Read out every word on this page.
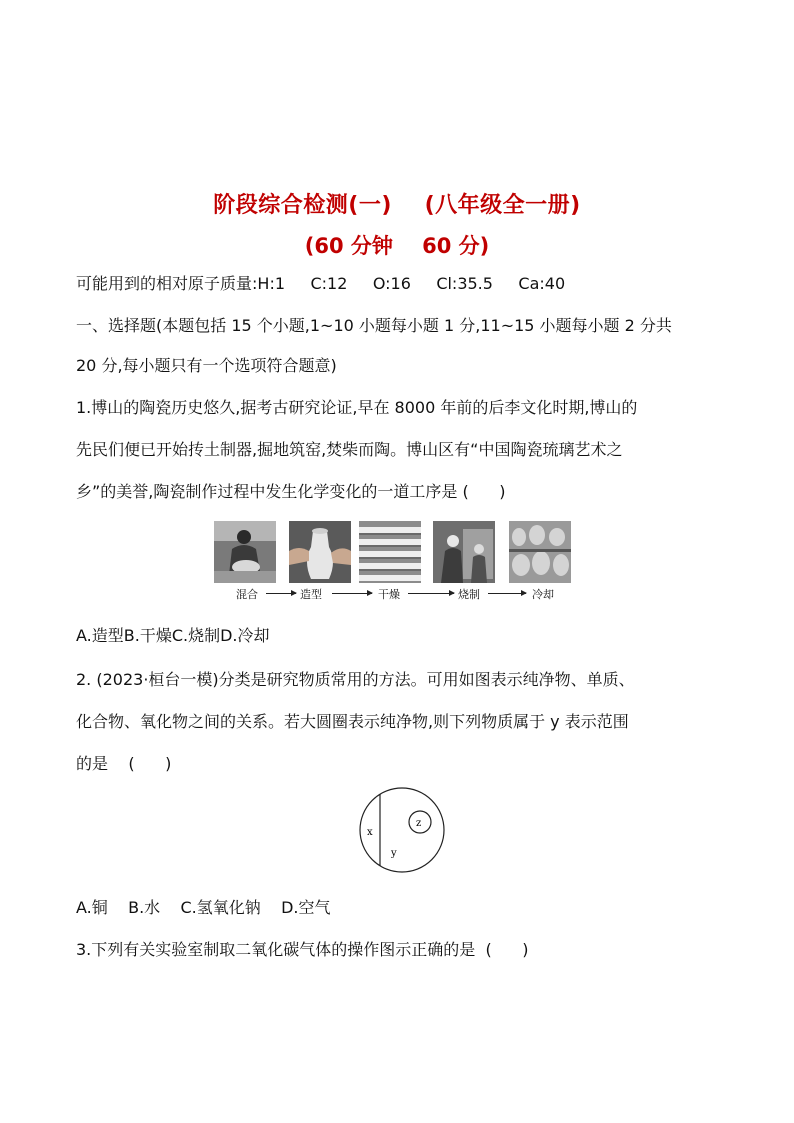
阶段综合检测(一) (八年级全一册)
(60 分钟 60 分)
可能用到的相对原子质量:H:1 C:12 O:16 Cl:35.5 Ca:40
一、选择题(本题包括 15 个小题,1~10 小题每小题 1 分,11~15 小题每小题 2 分共
20 分,每小题只有一个选项符合题意)
1.博山的陶瓷历史悠久,据考古研究论证,早在 8000 年前的后李文化时期,博山的
先民们便已开始抟土制器,掘地筑窑,焚柴而陶。博山区有“中国陶瓷琉璃艺术之
乡”的美誉,陶瓷制作过程中发生化学变化的一道工序是 (      )
混合	造型	干燥	烧制	冷却
A.造型B.干燥C.烧制D.冷却
2. (2023·桓台一模)分类是研究物质常用的方法。可用如图表示纯净物、单质、
化合物、氧化物之间的关系。若大圆圈表示纯净物,则下列物质属于 y 表示范围
的是    (      )
x
y
z
A.铜    B.水    C.氢氧化钠    D.空气
3.下列有关实验室制取二氧化碳气体的操作图示正确的是  (      )
